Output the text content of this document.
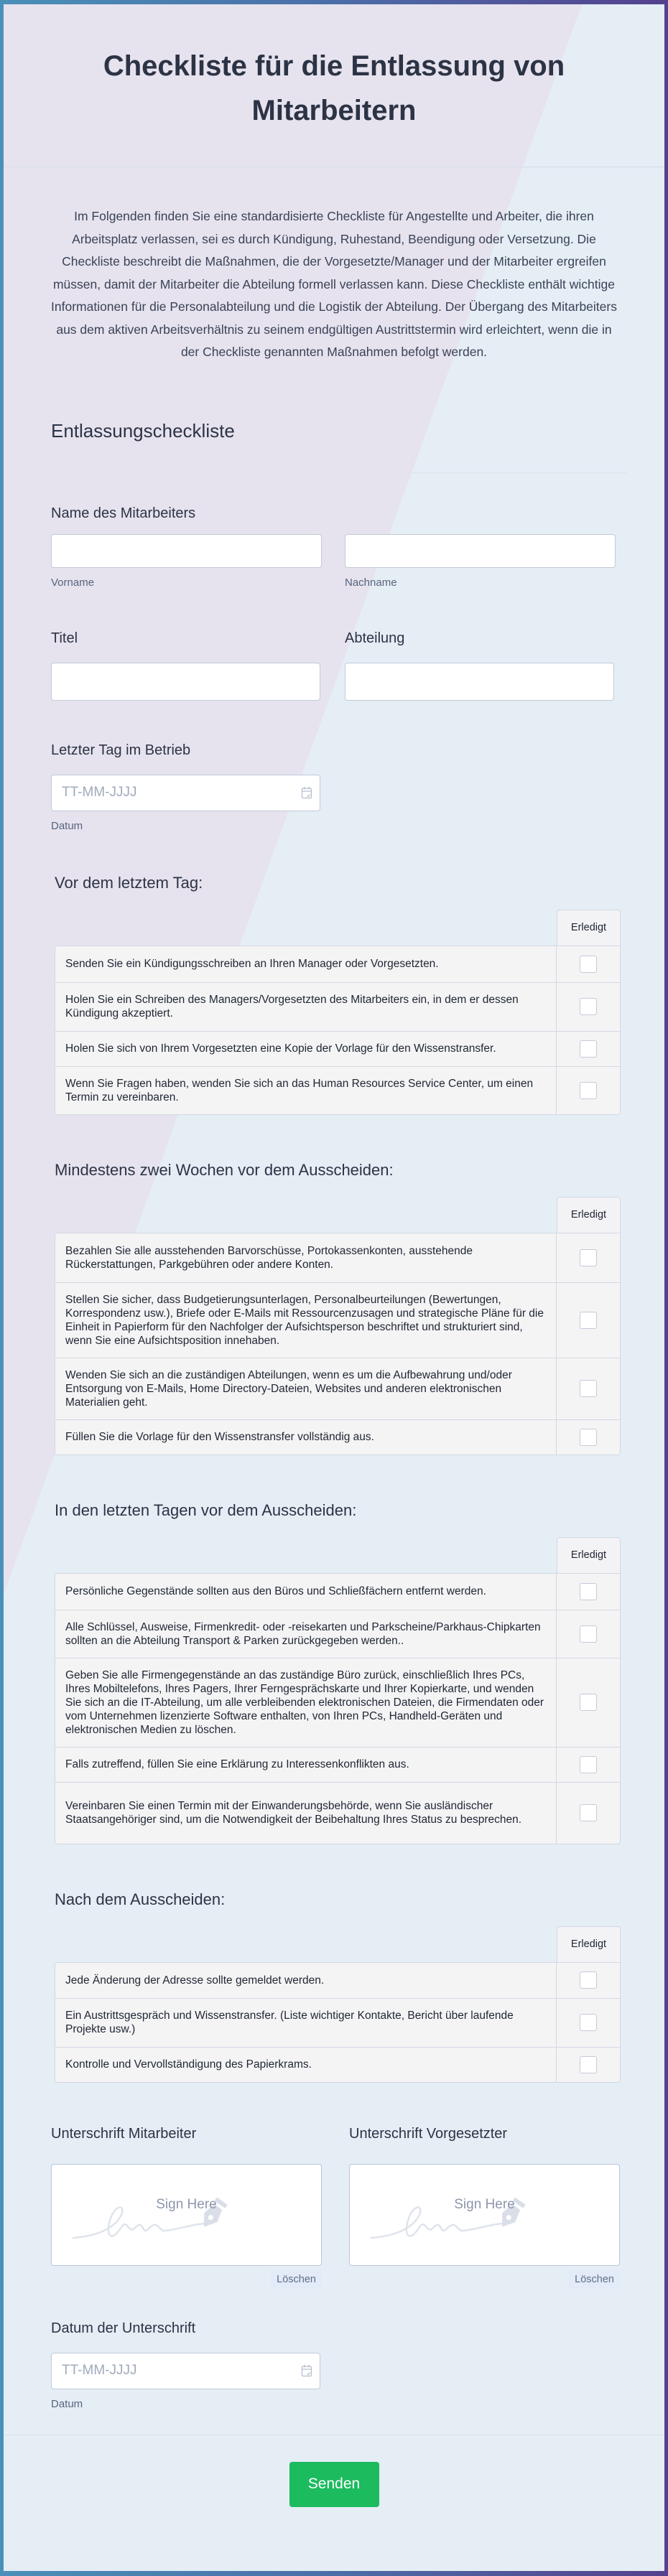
Checkliste für die Entlassung von Mitarbeitern

Im Folgenden finden Sie eine standardisierte Checkliste für Angestellte und Arbeiter, die ihren Arbeitsplatz verlassen, sei es durch Kündigung, Ruhestand, Beendigung oder Versetzung. Die Checkliste beschreibt die Maßnahmen, die der Vorgesetzte/Manager und der Mitarbeiter ergreifen müssen, damit der Mitarbeiter die Abteilung formell verlassen kann. Diese Checkliste enthält wichtige Informationen für die Personalabteilung und die Logistik der Abteilung. Der Übergang des Mitarbeiters aus dem aktiven Arbeitsverhältnis zu seinem endgültigen Austrittstermin wird erleichtert, wenn die in der Checkliste genannten Maßnahmen befolgt werden.

Entlassungscheckliste
Name des Mitarbeiters
Vorname	Nachname
Titel	Abteilung
Letzter Tag im Betrieb
TT-MM-JJJJ
Datum
Vor dem letztem Tag:
Erledigt
Senden Sie ein Kündigungsschreiben an Ihren Manager oder Vorgesetzten.
Holen Sie ein Schreiben des Managers/Vorgesetzten des Mitarbeiters ein, in dem er dessen Kündigung akzeptiert.
Holen Sie sich von Ihrem Vorgesetzten eine Kopie der Vorlage für den Wissenstransfer.
Wenn Sie Fragen haben, wenden Sie sich an das Human Resources Service Center, um einen Termin zu vereinbaren.
Mindestens zwei Wochen vor dem Ausscheiden:
Erledigt
Bezahlen Sie alle ausstehenden Barvorschüsse, Portokassenkonten, ausstehende Rückerstattungen, Parkgebühren oder andere Konten.
Stellen Sie sicher, dass Budgetierungsunterlagen, Personalbeurteilungen (Bewertungen, Korrespondenz usw.), Briefe oder E-Mails mit Ressourcenzusagen und strategische Pläne für die Einheit in Papierform für den Nachfolger der Aufsichtsperson beschriftet und strukturiert sind, wenn Sie eine Aufsichtsposition innehaben.
Wenden Sie sich an die zuständigen Abteilungen, wenn es um die Aufbewahrung und/oder Entsorgung von E-Mails, Home Directory-Dateien, Websites und anderen elektronischen Materialien geht.
Füllen Sie die Vorlage für den Wissenstransfer vollständig aus.
In den letzten Tagen vor dem Ausscheiden:
Erledigt
Persönliche Gegenstände sollten aus den Büros und Schließfächern entfernt werden.
Alle Schlüssel, Ausweise, Firmenkredit- oder -reisekarten und Parkscheine/Parkhaus-Chipkarten sollten an die Abteilung Transport & Parken zurückgegeben werden..
Geben Sie alle Firmengegenstände an das zuständige Büro zurück, einschließlich Ihres PCs, Ihres Mobiltelefons, Ihres Pagers, Ihrer Ferngesprächskarte und Ihrer Kopierkarte, und wenden Sie sich an die IT-Abteilung, um alle verbleibenden elektronischen Dateien, die Firmendaten oder vom Unternehmen lizenzierte Software enthalten, von Ihren PCs, Handheld-Geräten und elektronischen Medien zu löschen.
Falls zutreffend, füllen Sie eine Erklärung zu Interessenkonflikten aus.
Vereinbaren Sie einen Termin mit der Einwanderungsbehörde, wenn Sie ausländischer Staatsangehöriger sind, um die Notwendigkeit der Beibehaltung Ihres Status zu besprechen.
Nach dem Ausscheiden:
Erledigt
Jede Änderung der Adresse sollte gemeldet werden.
Ein Austrittsgespräch und Wissenstransfer. (Liste wichtiger Kontakte, Bericht über laufende Projekte usw.)
Kontrolle und Vervollständigung des Papierkrams.
Unterschrift Mitarbeiter
Sign Here
Löschen
Unterschrift Vorgesetzter
Sign Here
Löschen
Datum der Unterschrift
TT-MM-JJJJ
Datum
Senden
